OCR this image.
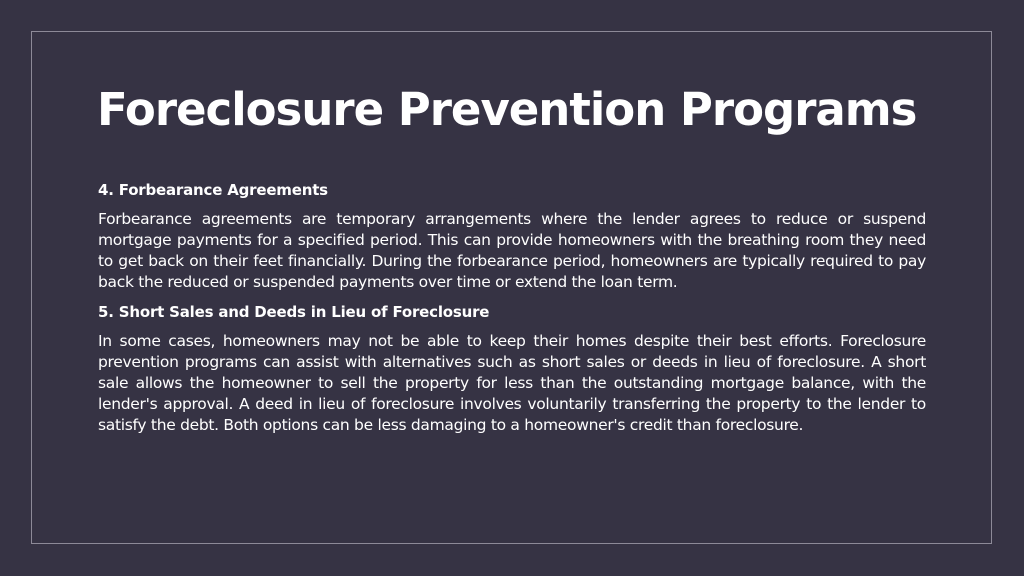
Foreclosure Prevention Programs

4. Forbearance Agreements

Forbearance agreements are temporary arrangements where the lender agrees to reduce or suspend mortgage payments for a specified period. This can provide homeowners with the breathing room they need to get back on their feet financially. During the forbearance period, homeowners are typically required to pay back the reduced or suspended payments over time or extend the loan term.

5. Short Sales and Deeds in Lieu of Foreclosure

In some cases, homeowners may not be able to keep their homes despite their best efforts. Foreclosure prevention programs can assist with alternatives such as short sales or deeds in lieu of foreclosure. A short sale allows the homeowner to sell the property for less than the outstanding mortgage balance, with the lender's approval. A deed in lieu of foreclosure involves voluntarily transferring the property to the lender to satisfy the debt. Both options can be less damaging to a homeowner's credit than foreclosure.
